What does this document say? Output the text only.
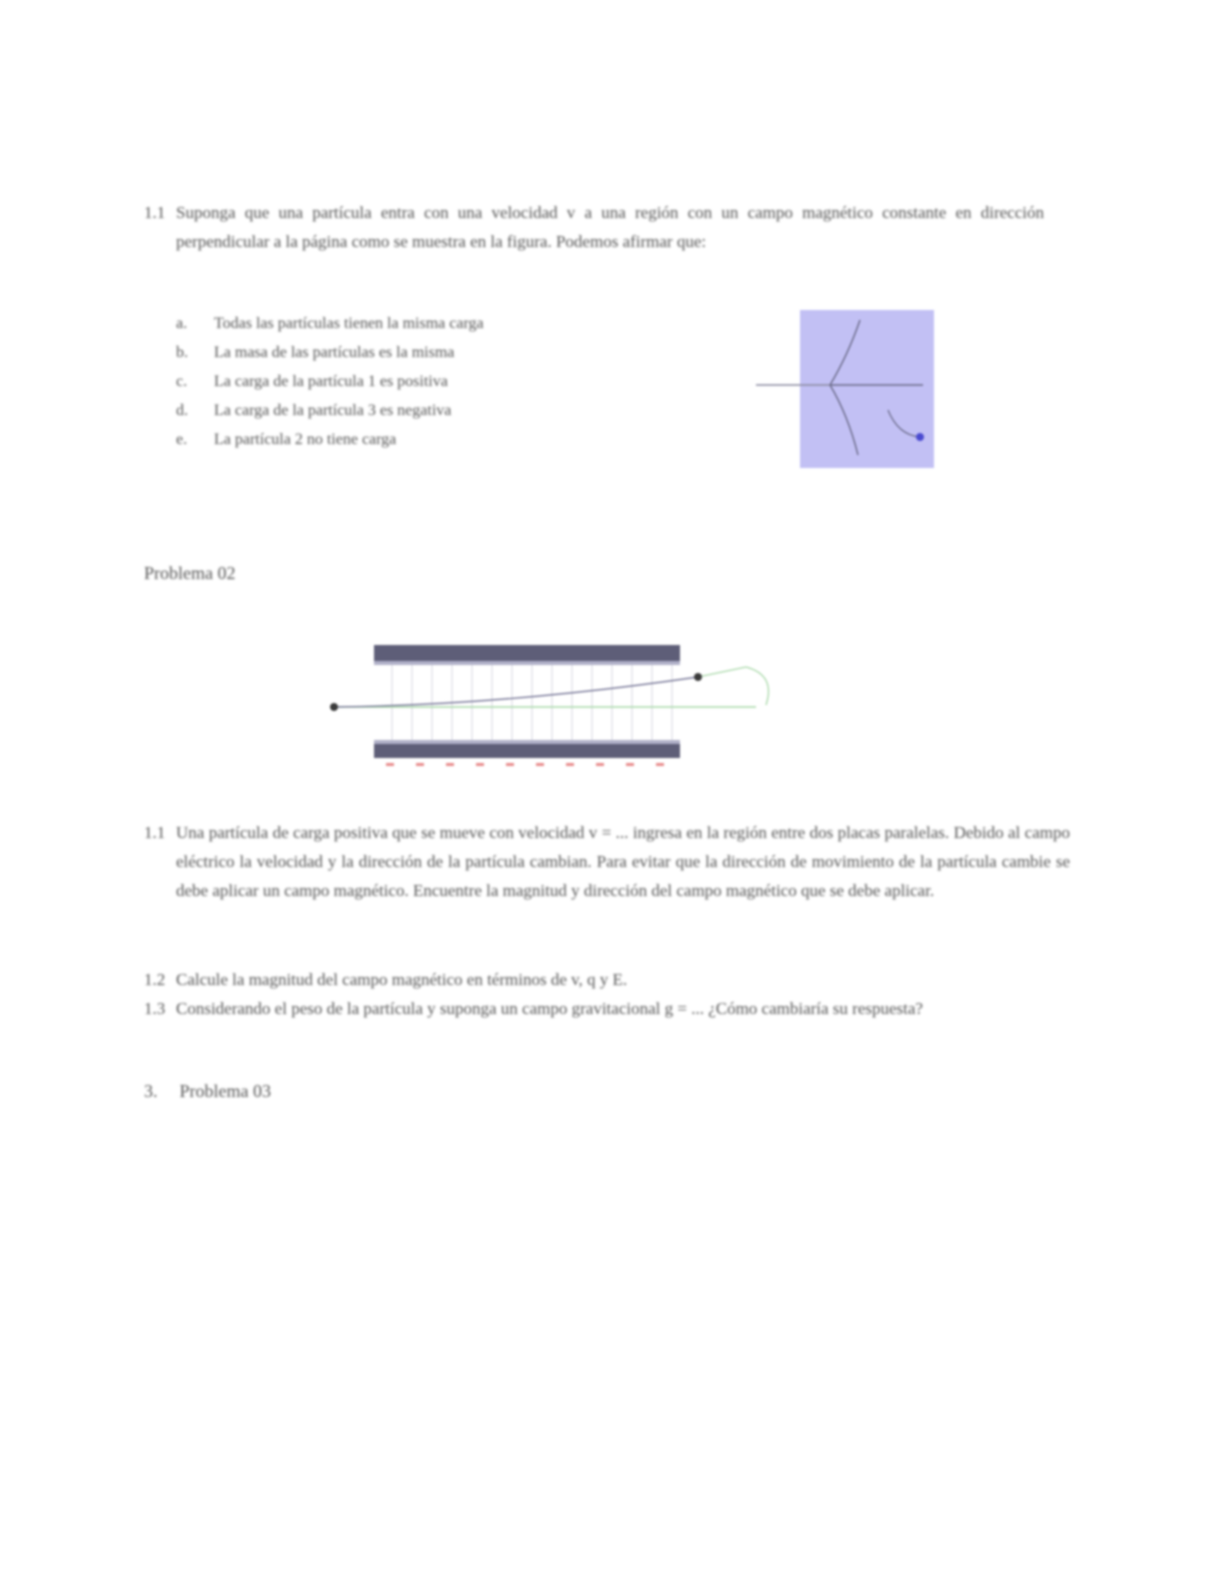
1.1 Suponga que una partícula entra con una velocidad v a una región con un campo magnético constante en dirección perpendicular a la página como se muestra en la figura. Podemos afirmar que:
a. Todas las partículas tienen la misma carga
b. La masa de las partículas es la misma
c. La carga de la partícula 1 es positiva
d. La carga de la partícula 3 es negativa
e. La partícula 2 no tiene carga
Problema 02
1.1 Una partícula de carga positiva que se mueve con velocidad v = ... ingresa en la región entre dos placas paralelas. Debido al campo eléctrico la velocidad y la dirección de la partícula cambian. Para evitar que la dirección de movimiento de la partícula cambie se debe aplicar un campo magnético. Encuentre la magnitud y dirección del campo magnético que se debe aplicar.
1.2 Calcule la magnitud del campo magnético en términos de v, q y E.
1.3 Considerando el peso de la partícula y suponga un campo gravitacional g = ... ¿Cómo cambiaría su respuesta?
3. Problema 03
